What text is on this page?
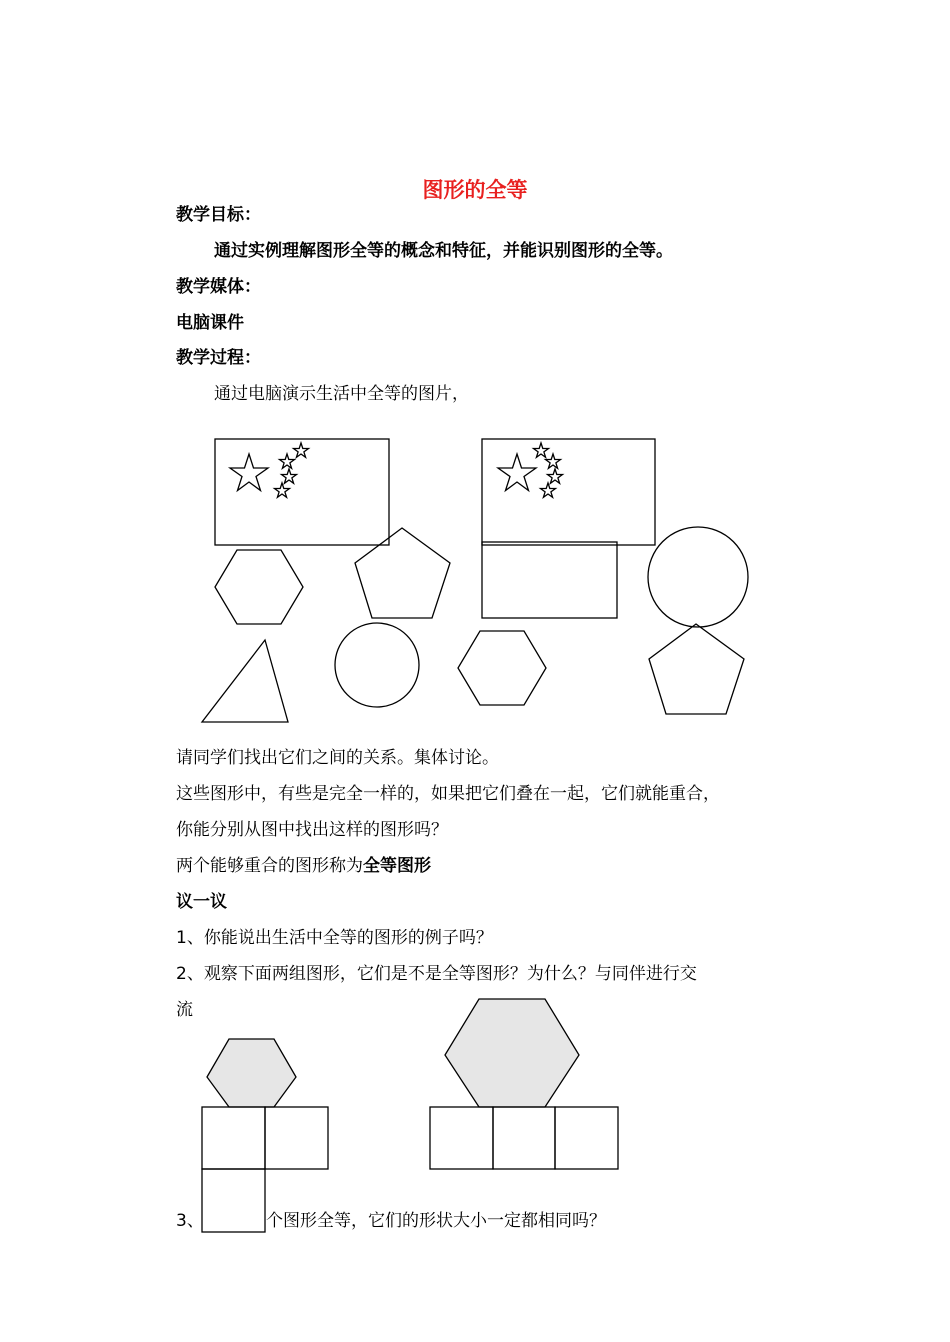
图形的全等
教学目标：
通过实例理解图形全等的概念和特征，并能识别图形的全等。
教学媒体：
电脑课件
教学过程：
通过电脑演示生活中全等的图片，
请同学们找出它们之间的关系。集体讨论。
这些图形中，有些是完全一样的，如果把它们叠在一起，它们就能重合，
你能分别从图中找出这样的图形吗？
两个能够重合的图形称为全等图形
议一议
1、你能说出生活中全等的图形的例子吗？
2、观察下面两组图形，它们是不是全等图形？为什么？与同伴进行交
流
3、	个图形全等，它们的形状大小一定都相同吗？
